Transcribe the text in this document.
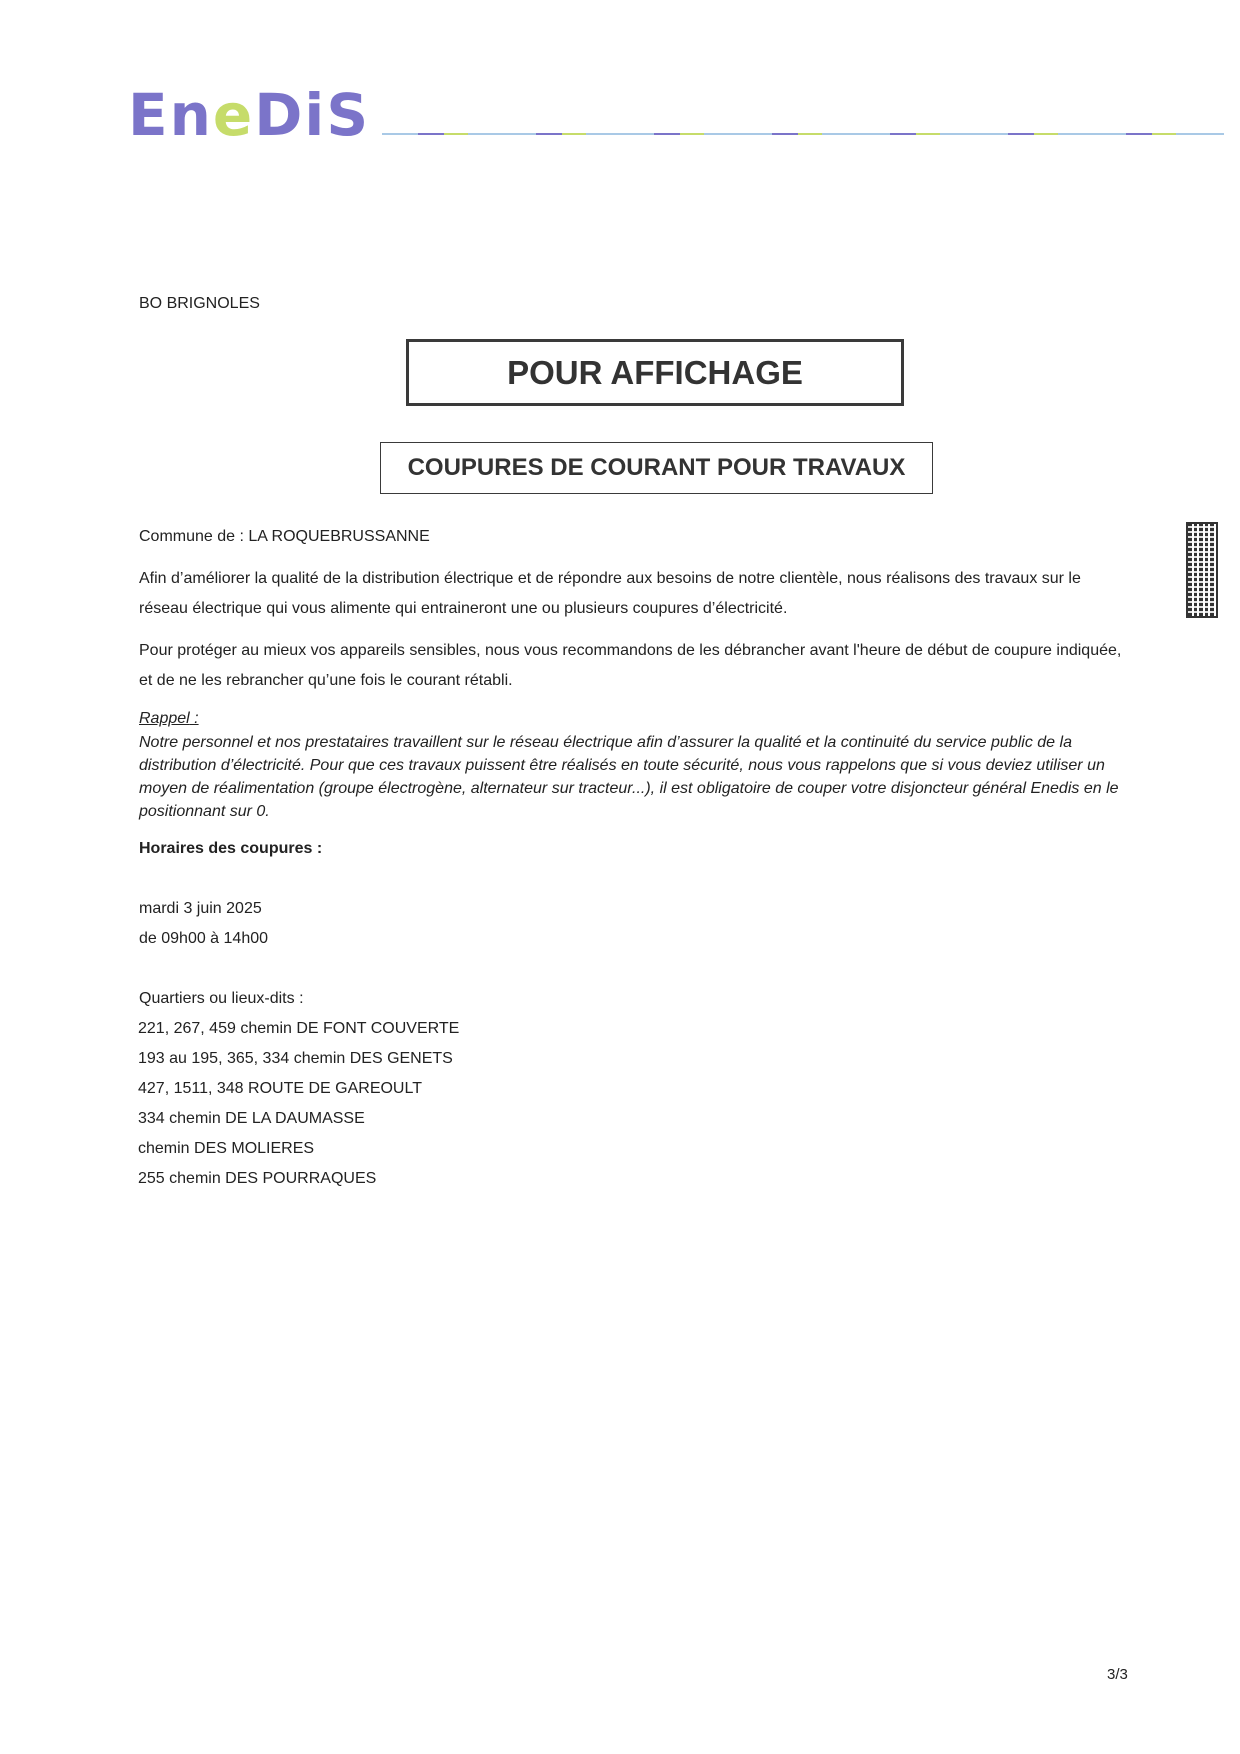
EneDiS
BO BRIGNOLES
POUR AFFICHAGE
COUPURES DE COURANT POUR TRAVAUX
Commune de : LA ROQUEBRUSSANNE
Afin d’améliorer la qualité de la distribution électrique et de répondre aux besoins de notre clientèle, nous réalisons des travaux sur le réseau électrique qui vous alimente qui entraineront une ou plusieurs coupures d’électricité.
Pour protéger au mieux vos appareils sensibles, nous vous recommandons de les débrancher avant l'heure de début de coupure indiquée, et de ne les rebrancher qu’une fois le courant rétabli.
Rappel :
Notre personnel et nos prestataires travaillent sur le réseau électrique afin d’assurer la qualité et la continuité du service public de la distribution d’électricité. Pour que ces travaux puissent être réalisés en toute sécurité, nous vous rappelons que si vous deviez utiliser un moyen de réalimentation (groupe électrogène, alternateur sur tracteur...), il est obligatoire de couper votre disjoncteur général Enedis en le positionnant sur 0.
Horaires des coupures :
mardi 3 juin 2025
de 09h00 à 14h00
Quartiers ou lieux-dits :
221, 267, 459 chemin DE FONT COUVERTE
193 au 195, 365, 334 chemin DES GENETS
427, 1511, 348 ROUTE DE GAREOULT
334 chemin DE LA DAUMASSE
chemin DES MOLIERES
255 chemin DES POURRAQUES
3/3
